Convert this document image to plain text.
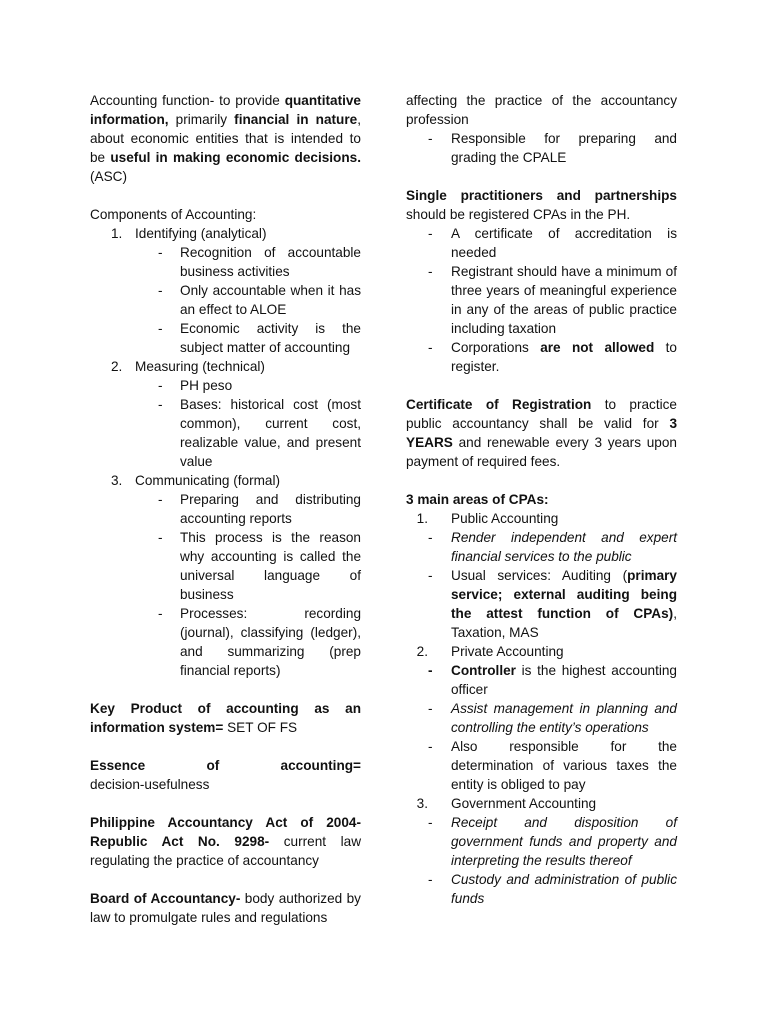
Accounting function- to provide quantitative information, primarily financial in nature, about economic entities that is intended to be useful in making economic decisions. (ASC)

Components of Accounting:

1. Identifying (analytical)
-	Recognition of accountable business activities
-	Only accountable when it has an effect to ALOE
-	Economic activity is the subject matter of accounting
2. Measuring (technical)
-	PH peso
-	Bases: historical cost (most common), current cost, realizable value, and present value
3. Communicating (formal)
-	Preparing and distributing accounting reports
-	This process is the reason why accounting is called the universal language of business
-	Processes: recording (journal), classifying (ledger), and summarizing (prep financial reports)

Key Product of accounting as an information system= SET OF FS

Essence of accounting=
decision-usefulness

Philippine Accountancy Act of 2004- Republic Act No. 9298- current law regulating the practice of accountancy

Board of Accountancy- body authorized by law to promulgate rules and regulations

affecting the practice of the accountancy profession

-	Responsible for preparing and grading the CPALE

Single practitioners and partnerships should be registered CPAs in the PH.

-	A certificate of accreditation is needed
-	Registrant should have a minimum of three years of meaningful experience in any of the areas of public practice including taxation
-	Corporations are not allowed to register.

Certificate of Registration to practice public accountancy shall be valid for 3 YEARS and renewable every 3 years upon payment of required fees.

3 main areas of CPAs:

1.	Public Accounting
-	Render independent and expert financial services to the public
-	Usual services: Auditing (primary service; external auditing being the attest function of CPAs), Taxation, MAS
2.	Private Accounting
-	Controller is the highest accounting officer
-	Assist management in planning and controlling the entity’s operations
-	Also responsible for the determination of various taxes the entity is obliged to pay
3.	Government Accounting
-	Receipt and disposition of government funds and property and interpreting the results thereof
-	Custody and administration of public funds
